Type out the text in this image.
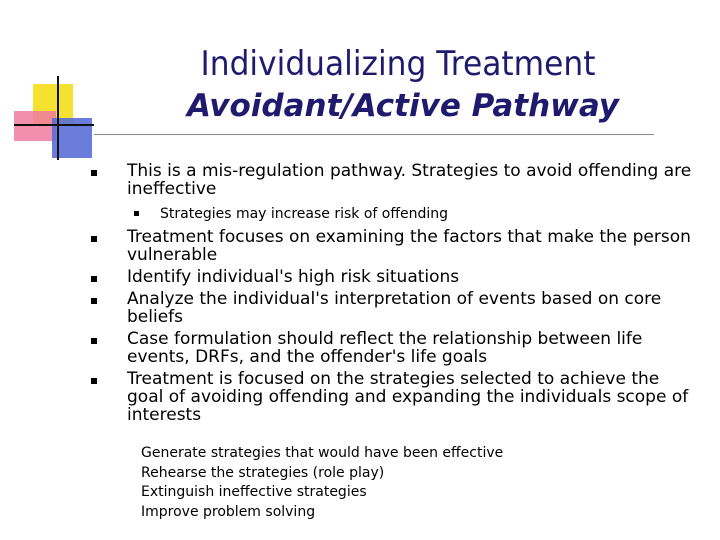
Individualizing Treatment
Avoidant/Active Pathway
This is a mis-regulation pathway. Strategies to avoid offending are ineffective
Strategies may increase risk of offending
Treatment focuses on examining the factors that make the person vulnerable
Identify individual's high risk situations
Analyze the individual's interpretation of events based on core beliefs
Case formulation should reflect the relationship between life events, DRFs, and the offender's life goals
Treatment is focused on the strategies selected to achieve the goal of avoiding offending and expanding the individuals scope of interests
Generate strategies that would have been effective
Rehearse the strategies (role play)
Extinguish ineffective strategies
Improve problem solving
